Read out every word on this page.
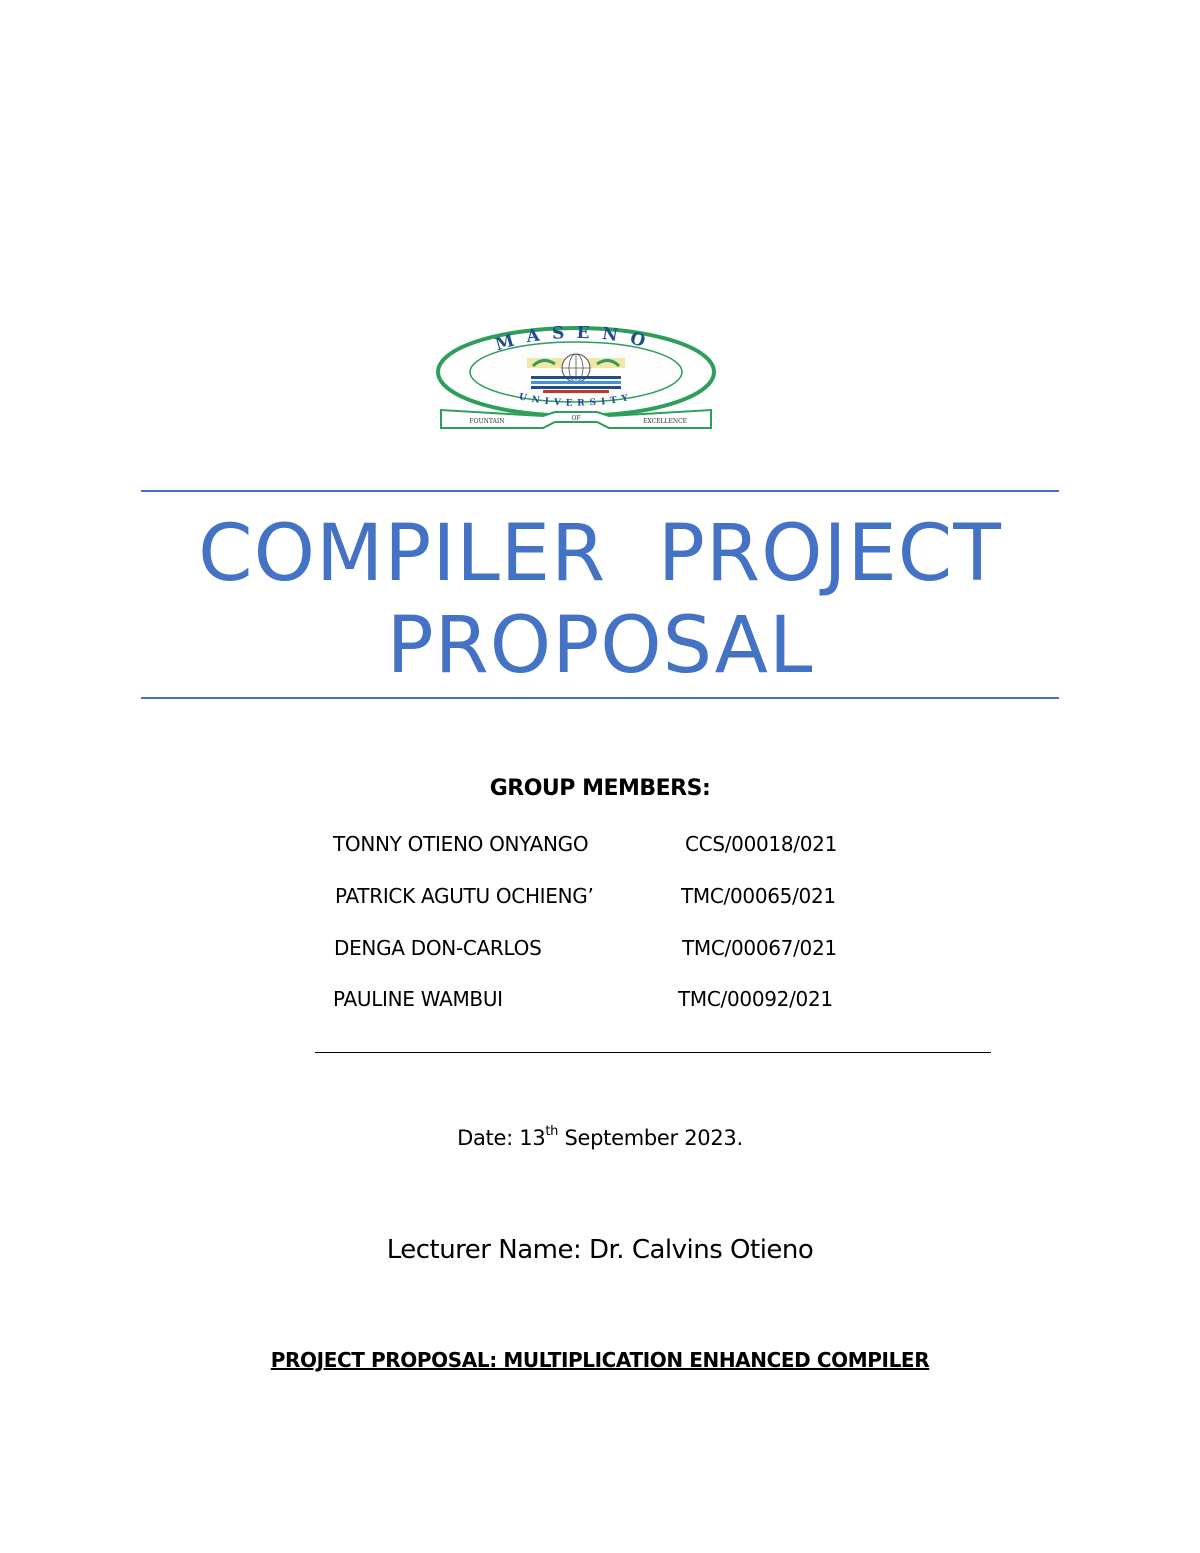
MASENO
UNIVERSITY
FOUNTAIN	OF	EXCELLENCE
COMPILER  PROJECT
PROPOSAL
GROUP MEMBERS:
TONNY OTIENO ONYANGO	CCS/00018/021
PATRICK AGUTU OCHIENG’	TMC/00065/021
DENGA DON-CARLOS	TMC/00067/021
PAULINE WAMBUI	TMC/00092/021
Date: 13th September 2023.
Lecturer Name: Dr. Calvins Otieno
PROJECT PROPOSAL: MULTIPLICATION ENHANCED COMPILER
